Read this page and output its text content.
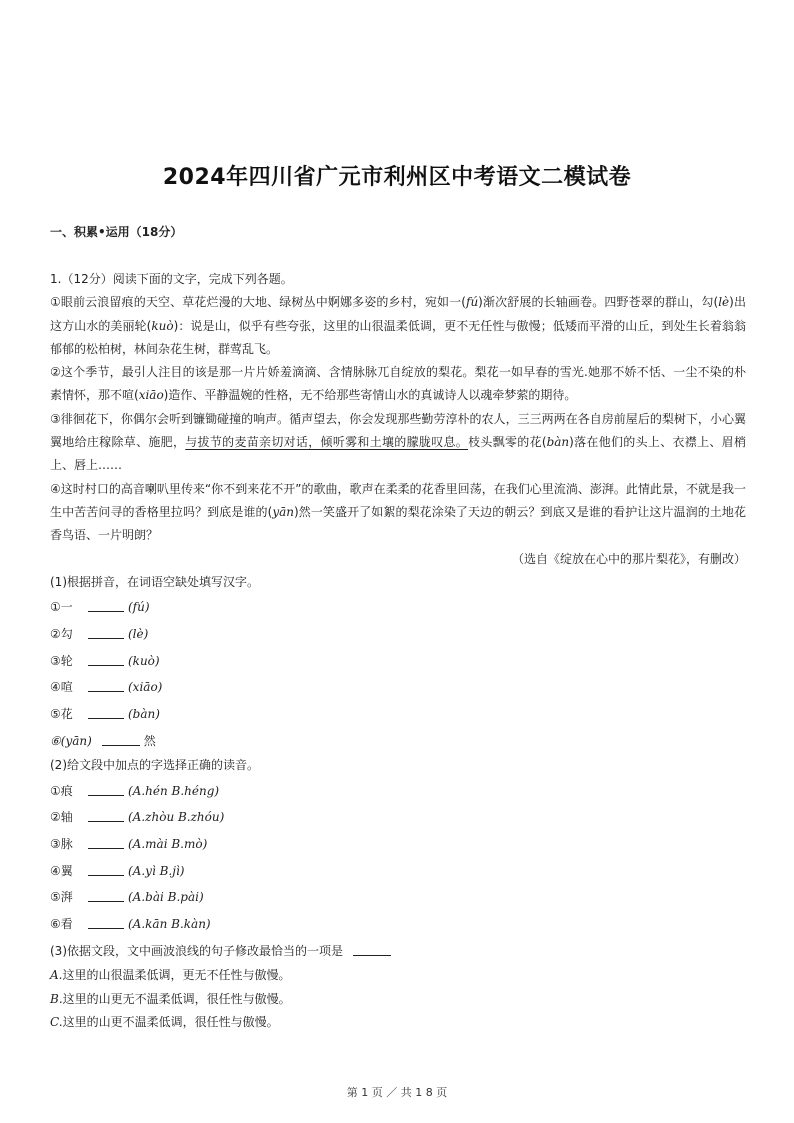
2024年四川省广元市利州区中考语文二模试卷
一、积累•运用（18分）

1.（12分）阅读下面的文字，完成下列各题。

①眼前云浪留痕的天空、草花烂漫的大地、绿树丛中婀娜多姿的乡村，宛如一(fú)渐次舒展的长轴画卷。四野苍翠的群山，勾(lè)出这方山水的美丽轮(kuò)：说是山，似乎有些夸张，这里的山很温柔低调，更不无任性与傲慢；低矮而平滑的山丘，到处生长着翁翁郁郁的松柏树，林间杂花生树，群莺乱飞。

②这个季节，最引人注目的该是那一片片娇羞滴滴、含情脉脉兀自绽放的梨花。梨花一如早春的雪光.她那不娇不恬、一尘不染的朴素情怀，那不喧(xiāo)造作、平静温婉的性格，无不给那些寄情山水的真诚诗人以魂牵梦萦的期待。

③徘徊花下，你偶尔会听到镰锄碰撞的响声。循声望去，你会发现那些勤劳淳朴的农人，三三两两在各自房前屋后的梨树下，小心翼翼地给庄稼除草、施肥，与拔节的麦苗亲切对话，倾听雾和土壤的朦胧叹息。枝头飘零的花(bàn)落在他们的头上、衣襟上、眉梢上、唇上……

④这时村口的高音喇叭里传来“你不到来花不开”的歌曲，歌声在柔柔的花香里回荡，在我们心里流淌、澎湃。此情此景，不就是我一生中苦苦问寻的香格里拉吗？到底是谁的(yān)然一笑盛开了如絮的梨花涂染了天边的朝云？到底又是谁的看护让这片温润的土地花香鸟语、一片明朗？

（选自《绽放在心中的那片梨花》，有删改）

(1)根据拼音，在词语空缺处填写汉字。

①一	(fú)

②勾	(lè)

③轮	(kuò)

④喧	(xiāo)

⑤花	(bàn)

⑥(yān)	然

(2)给文段中加点的字选择正确的读音。

①痕	(A.hén B.héng)

②轴	(A.zhòu B.zhóu)

③脉	(A.mài B.mò)

④翼	(A.yì B.jì)

⑤湃	(A.bài B.pài)

⑥看	(A.kān B.kàn)

(3)依据文段，文中画波浪线的句子修改最恰当的一项是

A.这里的山很温柔低调，更无不任性与傲慢。

B.这里的山更无不温柔低调，很任性与傲慢。

C.这里的山更不温柔低调，很任性与傲慢。

第 1 页 ／ 共 1 8 页
